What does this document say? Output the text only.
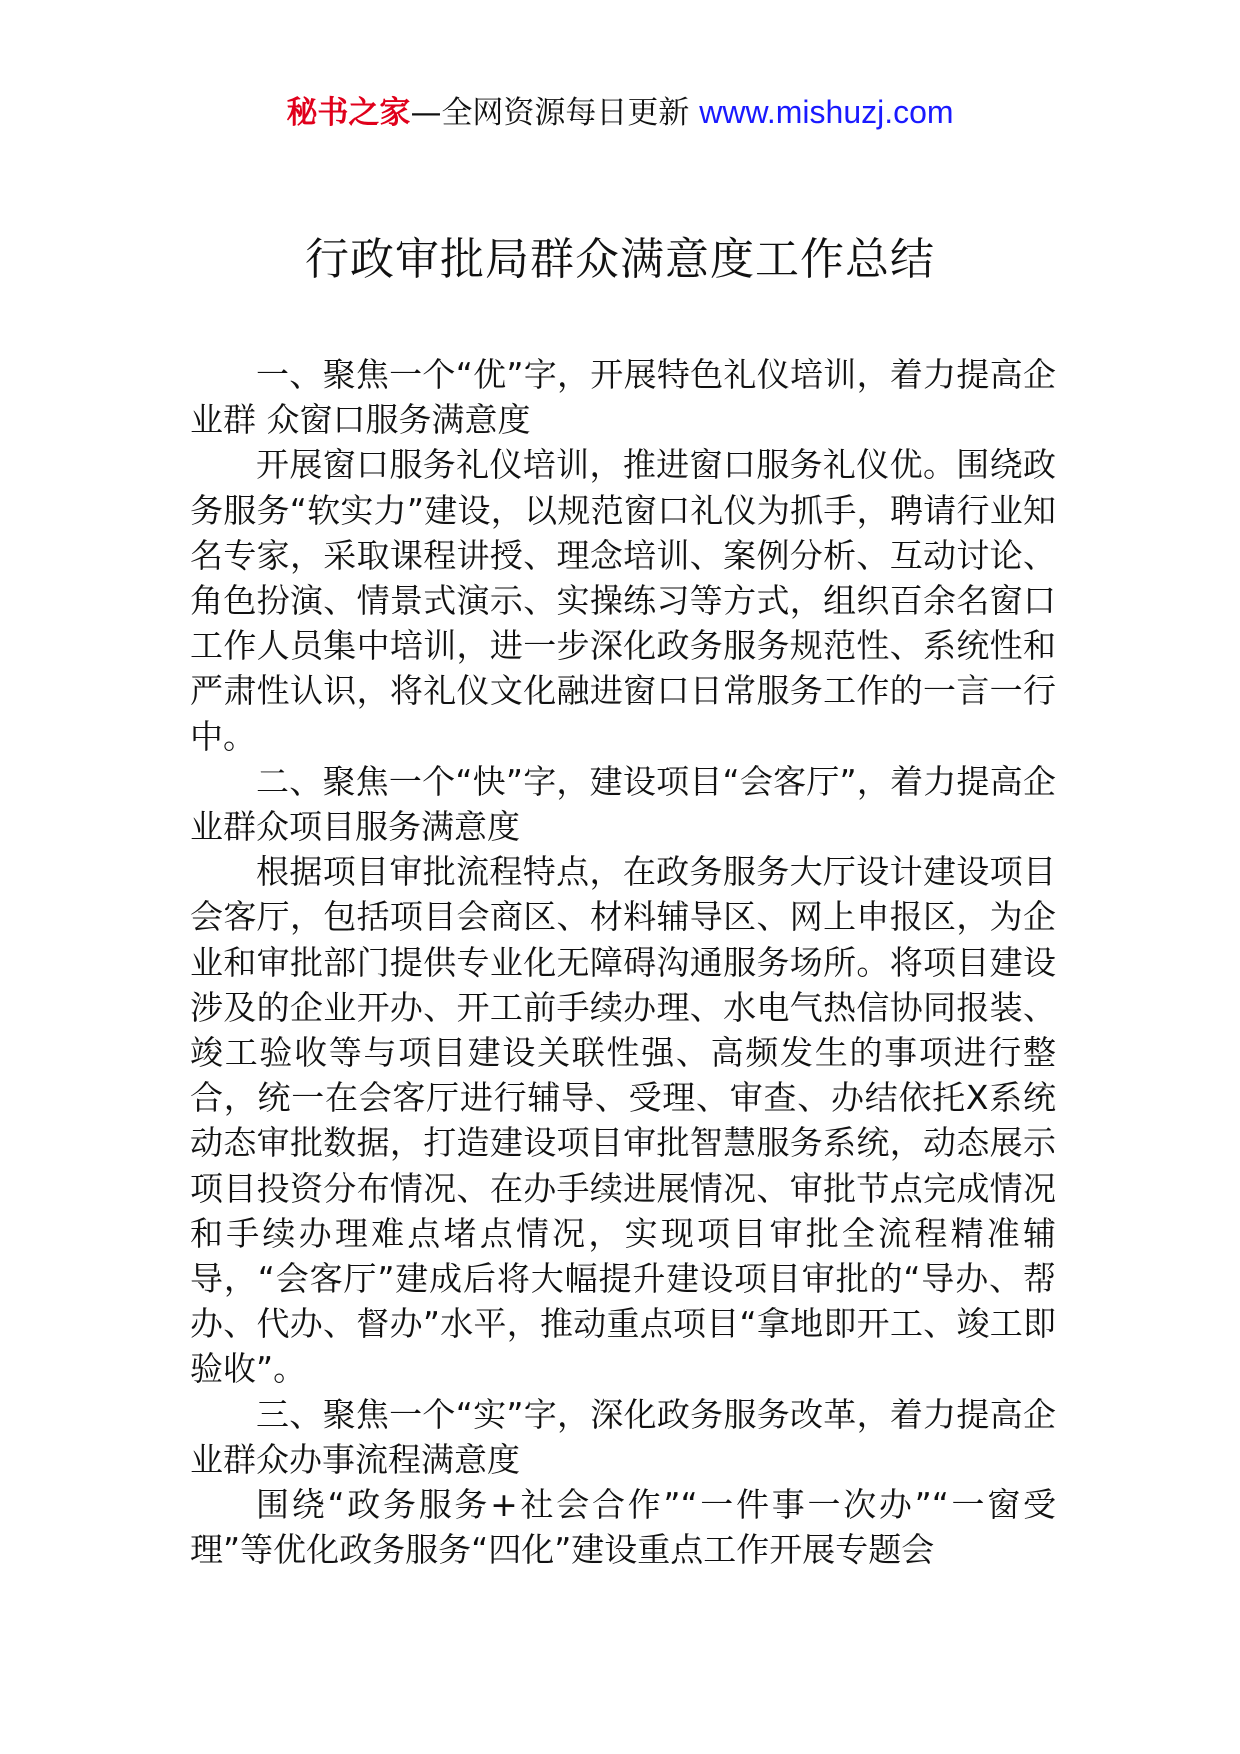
秘书之家—全网资源每日更新 www.mishuzj.com
行政审批局群众满意度工作总结

一、聚焦一个“优”字，开展特色礼仪培训，着力提高企业群 众窗口服务满意度

开展窗口服务礼仪培训，推进窗口服务礼仪优。围绕政务服务“软实力”建设，以规范窗口礼仪为抓手，聘请行业知名专家，采取课程讲授、理念培训、案例分析、互动讨论、角色扮演、情景式演示、实操练习等方式，组织百余名窗口工作人员集中培训，进一步深化政务服务规范性、系统性和严肃性认识，将礼仪文化融进窗口日常服务工作的一言一行中。

二、聚焦一个“快”字，建设项目“会客厅”，着力提高企业群众项目服务满意度

根据项目审批流程特点，在政务服务大厅设计建设项目会客厅，包括项目会商区、材料辅导区、网上申报区，为企业和审批部门提供专业化无障碍沟通服务场所。将项目建设涉及的企业开办、开工前手续办理、水电气热信协同报装、竣工验收等与项目建设关联性强、高频发生的事项进行整合，统一在会客厅进行辅导、受理、审查、办结依托X系统动态审批数据，打造建设项目审批智慧服务系统，动态展示项目投资分布情况、在办手续进展情况、审批节点完成情况和手续办理难点堵点情况，实现项目审批全流程精准辅导，“会客厅”建成后将大幅提升建设项目审批的“导办、帮办、代办、督办”水平，推动重点项目“拿地即开工、竣工即验收”。

三、聚焦一个“实”字，深化政务服务改革，着力提高企业群众办事流程满意度

围绕“政务服务+社会合作”“一件事一次办”“一窗受理”等优化政务服务“四化”建设重点工作开展专题会
